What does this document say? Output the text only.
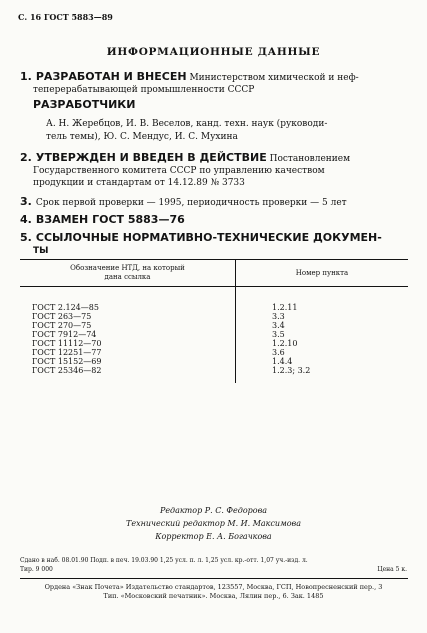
С. 16 ГОСТ 5883—89
ИНФОРМАЦИОННЫЕ ДАННЫЕ
1. РАЗРАБОТАН И ВНЕСЕН Министерством химической и неф-
теперерабатывающей промышленности СССР
РАЗРАБОТЧИКИ
А. Н. Жеребцов, И. В. Веселов, канд. техн. наук (руководи-
тель темы), Ю. С. Мендус, И. С. Мухина
2. УТВЕРЖДЕН И ВВЕДЕН В ДЕЙСТВИЕ Постановлением
Государственного комитета СССР по управлению качеством
продукции и стандартам от 14.12.89 № 3733
3. Срок первой проверки — 1995, периодичность проверки — 5 лет
4. ВЗАМЕН ГОСТ 5883—76
5. ССЫЛОЧНЫЕ НОРМАТИВНО-ТЕХНИЧЕСКИЕ ДОКУМЕН-
ТЫ
Обозначение НТД, на который
дана ссылка	Номер пункта
ГОСТ 2.124—85	1.2.11
ГОСТ 263—75	3.3
ГОСТ 270—75	3.4
ГОСТ 7912—74	3.5
ГОСТ 11112—70	1.2.10
ГОСТ 12251—77	3.6
ГОСТ 15152—69	1.4.4
ГОСТ 25346—82	1.2.3; 3.2
Редактор Р. С. Федорова
Технический редактор М. И. Максимова
Корректор Е. А. Богачкова
Сдано в наб. 08.01.90 Подп. в печ. 19.03.90 1,25 усл. п. л. 1,25 усл. кр.-отт. 1,07 уч.-изд. л.
Тир. 9 000	Цена 5 к.
Ордена «Знак Почета» Издательство стандартов, 123557, Москва, ГСП, Новопресненский пер., 3
Тип. «Московский печатник». Москва, Лялин пер., 6. Зак. 1485
